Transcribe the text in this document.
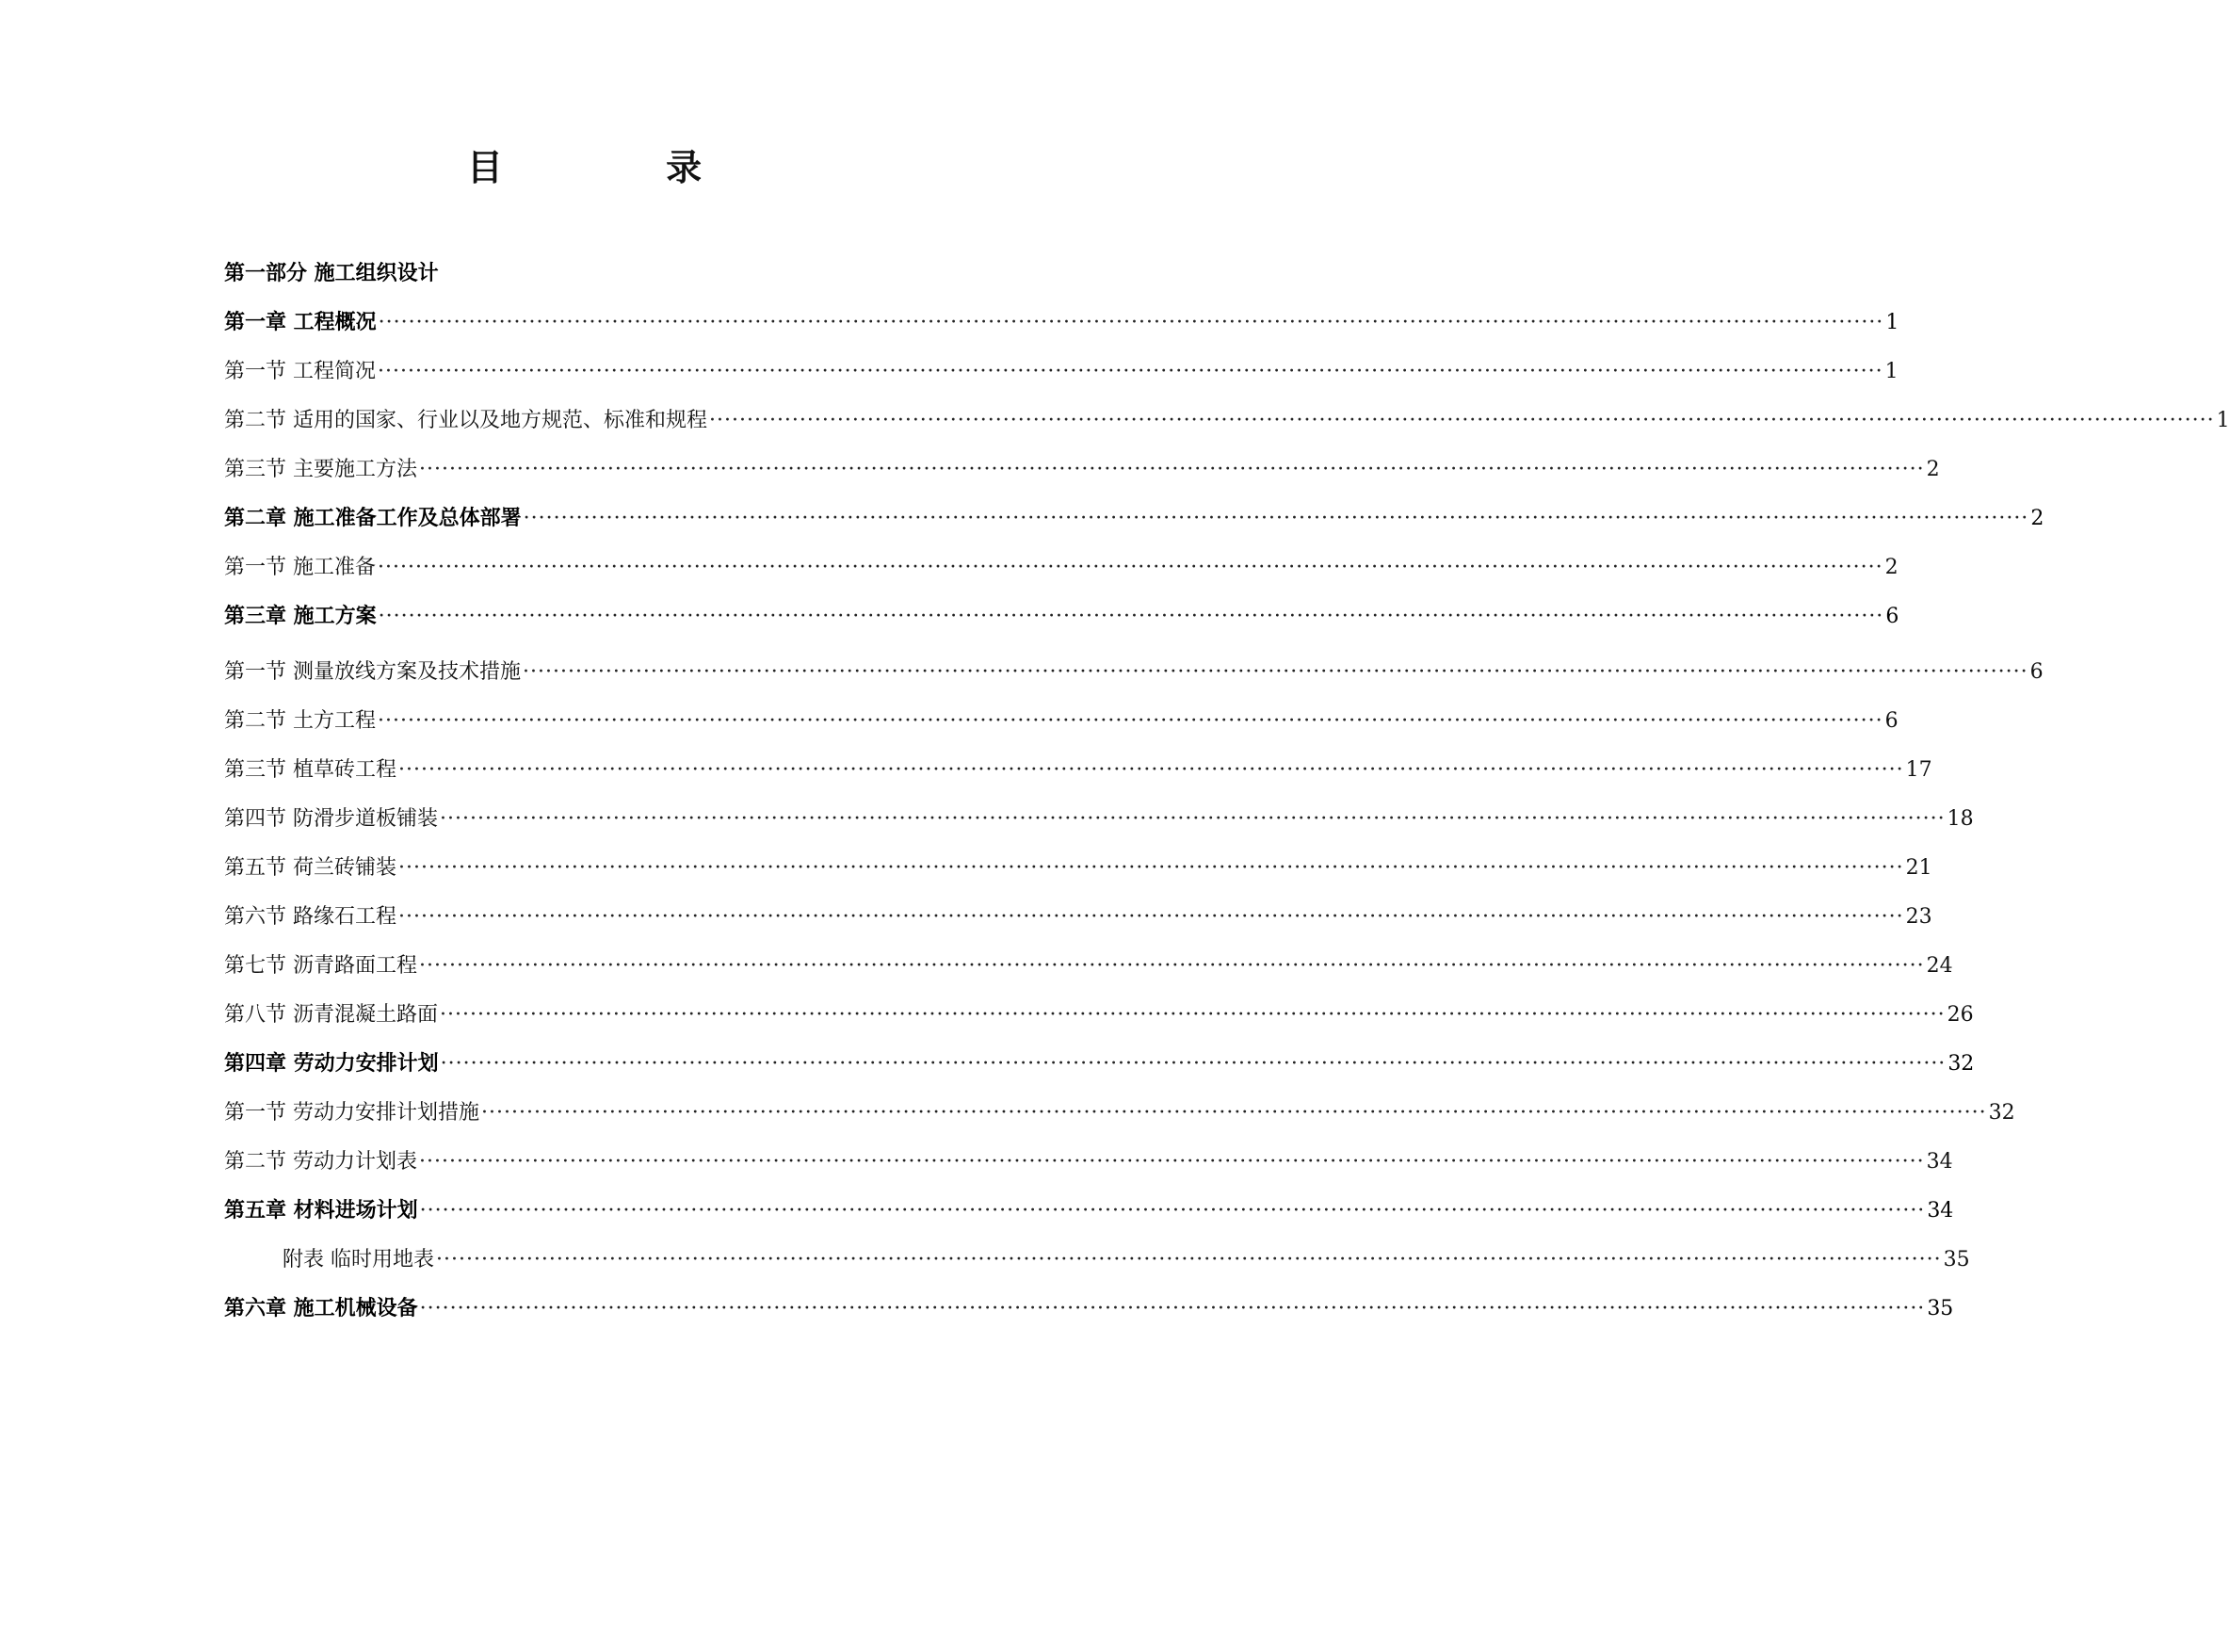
目 录
第一部分 施工组织设计
第一章 工程概况 ········································································································································································································ 1
第一节 工程简况 ········································································································································································································ 1
第二节 适用的国家、行业以及地方规范、标准和规程 ········································································································································································································ 1
第三节 主要施工方法 ········································································································································································································ 2
第二章 施工准备工作及总体部署 ········································································································································································································ 2
第一节 施工准备 ········································································································································································································ 2
第三章 施工方案 ········································································································································································································ 6
第一节 测量放线方案及技术措施 ········································································································································································································ 6
第二节 土方工程 ········································································································································································································ 6
第三节 植草砖工程 ········································································································································································································ 17
第四节 防滑步道板铺装 ········································································································································································································ 18
第五节 荷兰砖铺装 ········································································································································································································ 21
第六节 路缘石工程 ········································································································································································································ 23
第七节 沥青路面工程 ········································································································································································································ 24
第八节 沥青混凝土路面 ········································································································································································································ 26
第四章 劳动力安排计划 ········································································································································································································ 32
第一节 劳动力安排计划措施 ········································································································································································································ 32
第二节 劳动力计划表 ········································································································································································································ 34
第五章 材料进场计划 ········································································································································································································ 34
附表 临时用地表 ········································································································································································································ 35
第六章 施工机械设备 ········································································································································································································ 35
